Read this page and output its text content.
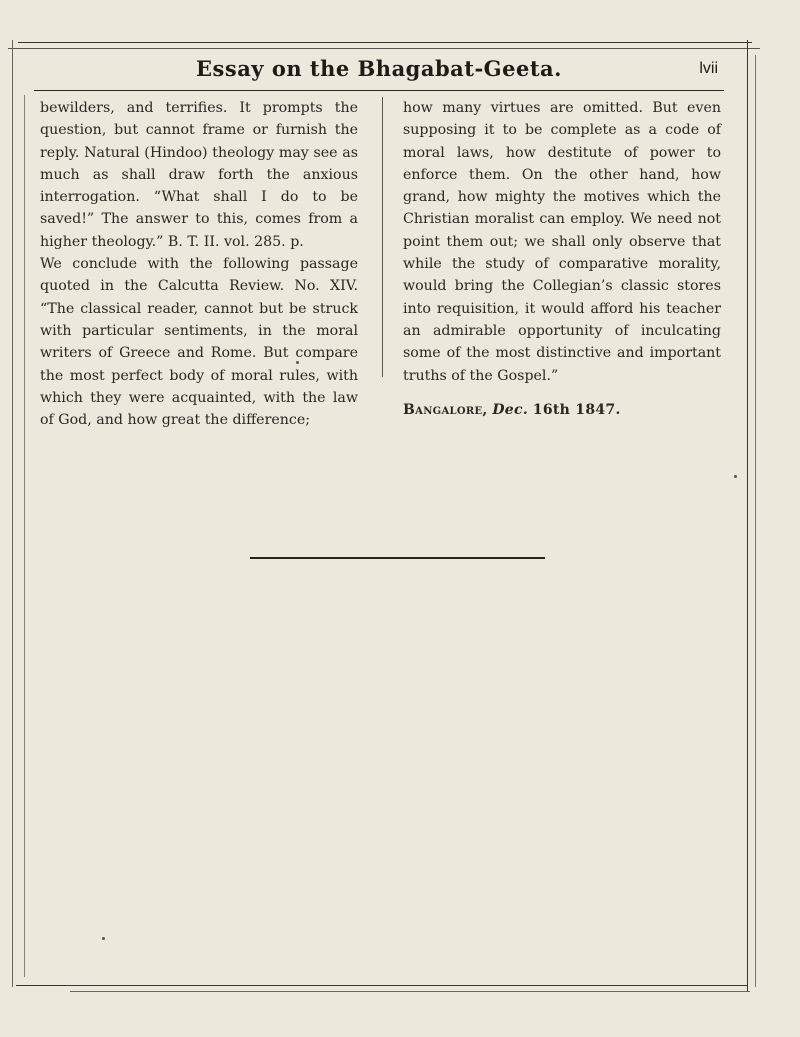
Essay on the Bhagabat-Geeta.	lvii

bewilders, and terrifies. It prompts the question, but cannot frame or furnish the reply. Natural (Hindoo) theology may see as much as shall draw forth the anxious interrogation. “What shall I do to be saved!” The answer to this, comes from a higher theology.” B. T. II. vol. 285. p.

We conclude with the following passage quoted in the Calcutta Review. No. XIV. “The classical reader, cannot but be struck with particular sentiments, in the moral writers of Greece and Rome. But compare the most perfect body of moral rules, with which they were acquainted, with the law of God, and how great the difference;

how many virtues are omitted. But even supposing it to be complete as a code of moral laws, how destitute of power to enforce them. On the other hand, how grand, how mighty the motives which the Christian moralist can employ. We need not point them out; we shall only observe that while the study of comparative morality, would bring the Collegian’s classic stores into requisition, it would afford his teacher an admirable opportunity of inculcating some of the most distinctive and important truths of the Gospel.”

Bangalore, Dec. 16th 1847.
